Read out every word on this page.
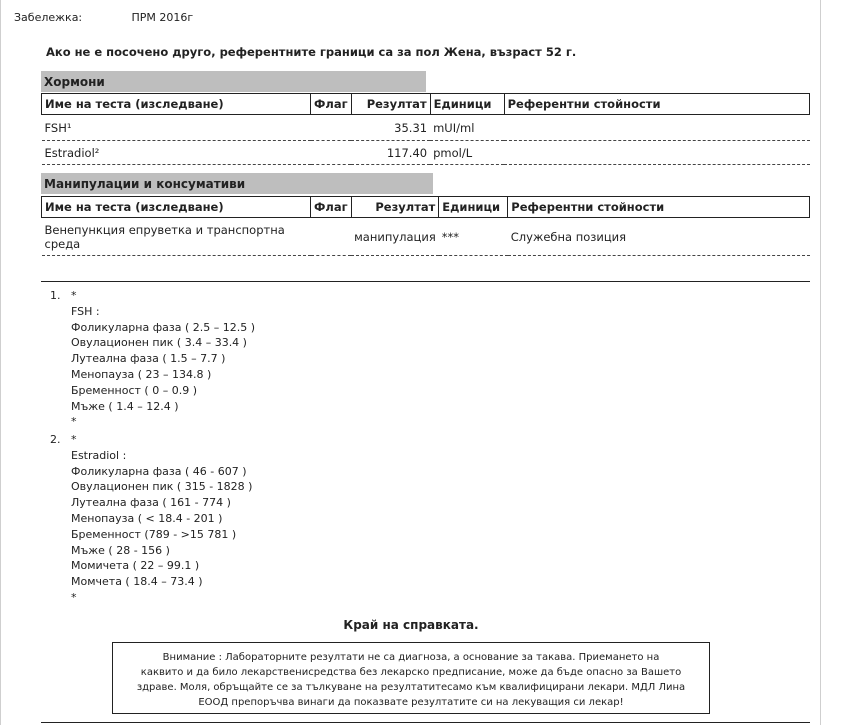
Забележка:	ПРМ 2016г
Ако не е посочено друго, референтните граници са за пол Жена, възраст 52 г.
Хормони
Име на теста (изследване)	Флаг	Резултат	Единици	Референтни стойности
FSH¹		35.31	mUI/ml	
Estradiol²		117.40	pmol/L	
Манипулации и консумативи
Име на теста (изследване)	Флаг	Резултат	Единици	Референтни стойности
Венепункция епруветка и транспортна среда		манипулация	***	Служебна позиция
1. *
FSH :
Фоликуларна фаза ( 2.5 – 12.5 )
Овулационен пик ( 3.4 – 33.4 )
Лутеална фаза ( 1.5 – 7.7 )
Менопауза ( 23 – 134.8 )
Бременност ( 0 – 0.9 )
Мъже ( 1.4 – 12.4 )
*
2. *
Estradiol :
Фоликуларна фаза ( 46 - 607 )
Овулационен пик ( 315 - 1828 )
Лутеална фаза ( 161 - 774 )
Менопауза ( < 18.4 - 201 )
Бременност (789 - >15 781 )
Мъже ( 28 - 156 )
Момичета ( 22 – 99.1 )
Момчета ( 18.4 – 73.4 )
*
Край на справката.
Внимание : Лабораторните резултати не са диагноза, а основание за такава. Приемането на
каквито и да било лекарственисредства без лекарско предписание, може да бъде опасно за Вашето
здраве. Моля, обръщайте се за тълкуване на резултатитесамо към квалифицирани лекари. МДЛ Лина
ЕООД препоръчва винаги да показвате резултатите си на лекуващия си лекар!
